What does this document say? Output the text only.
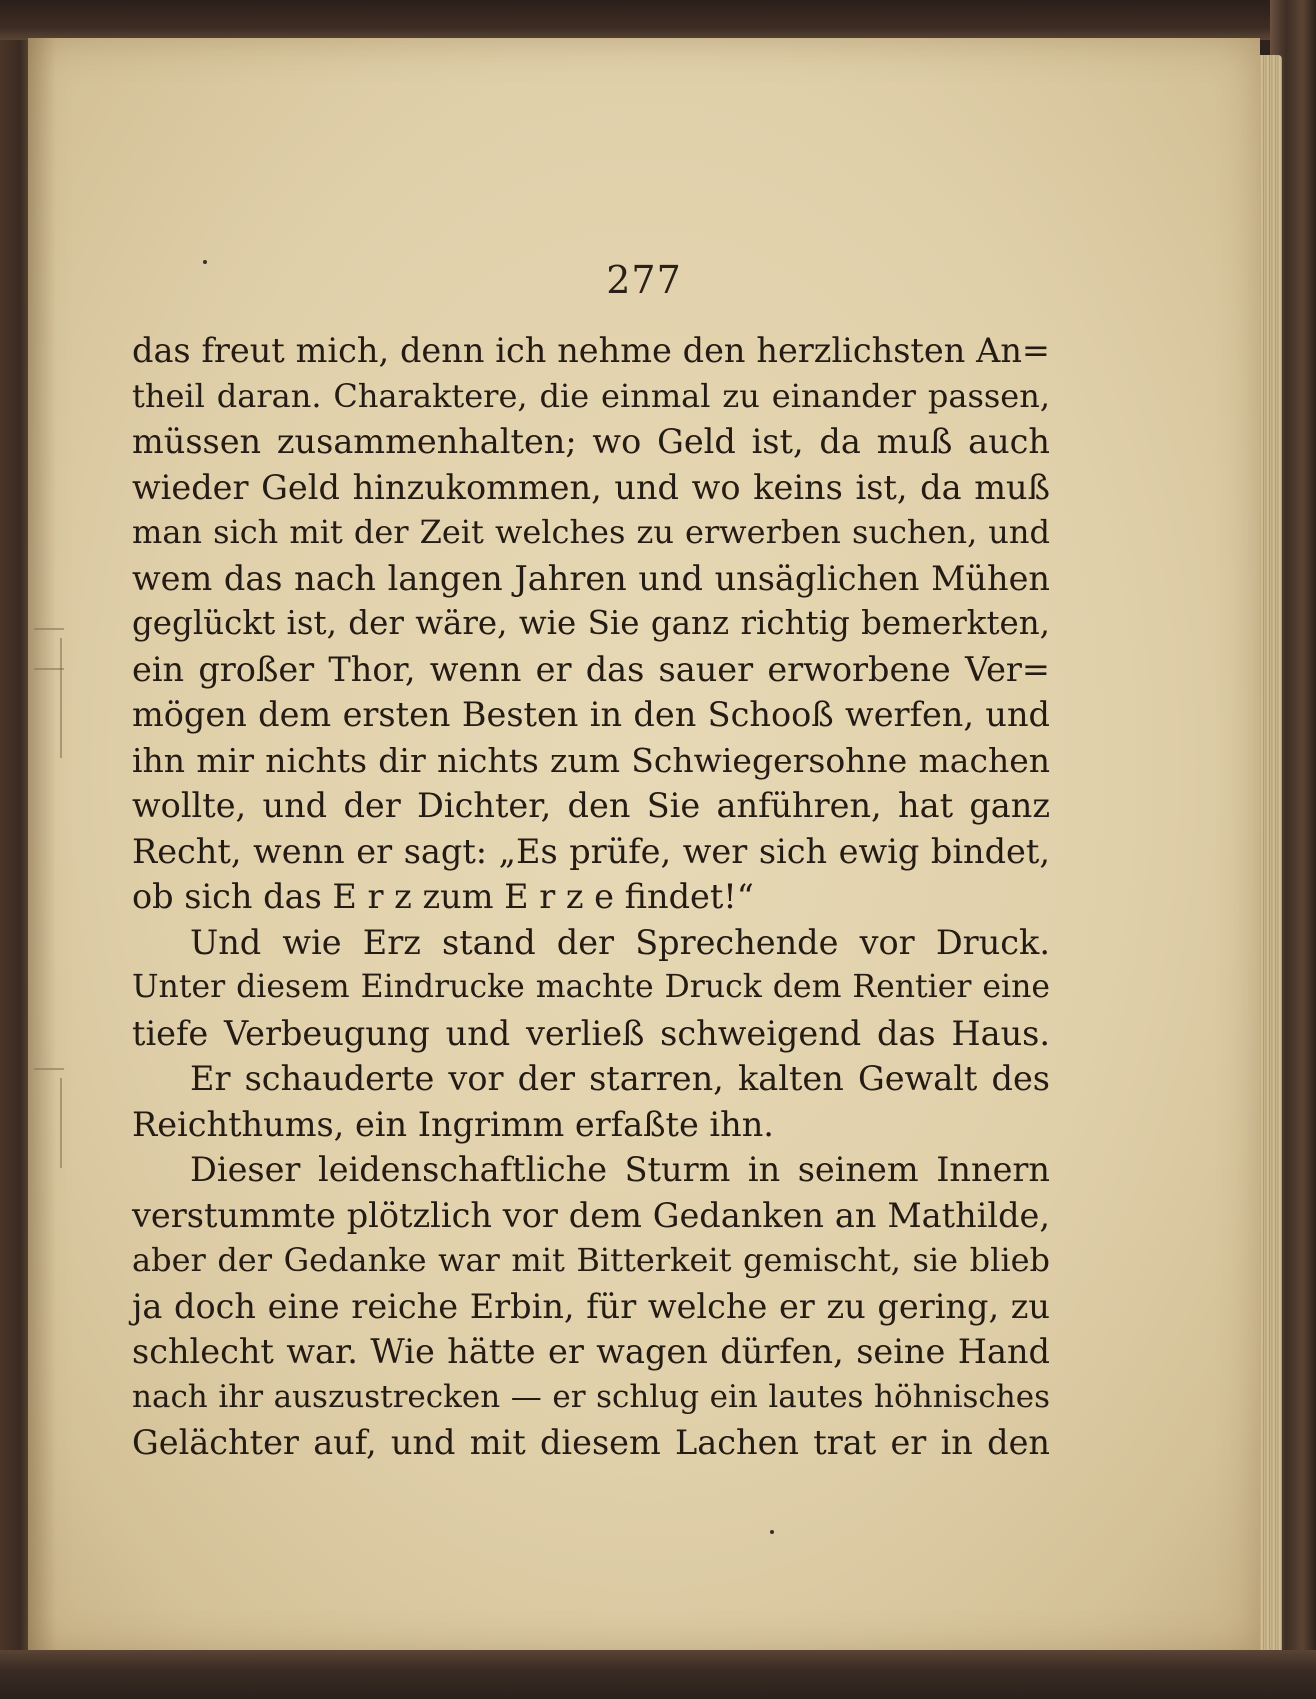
277
das freut mich, denn ich nehme den herzlichsten An=
theil daran. Charaktere, die einmal zu einander passen,
müssen zusammenhalten; wo Geld ist, da muß auch
wieder Geld hinzukommen, und wo keins ist, da muß
man sich mit der Zeit welches zu erwerben suchen, und
wem das nach langen Jahren und unsäglichen Mühen
geglückt ist, der wäre, wie Sie ganz richtig bemerkten,
ein großer Thor, wenn er das sauer erworbene Ver=
mögen dem ersten Besten in den Schooß werfen, und
ihn mir nichts dir nichts zum Schwiegersohne machen
wollte, und der Dichter, den Sie anführen, hat ganz
Recht, wenn er sagt: „Es prüfe, wer sich ewig bindet,
ob sich das E r z zum E r z e findet!“
Und wie Erz stand der Sprechende vor Druck.
Unter diesem Eindrucke machte Druck dem Rentier eine
tiefe Verbeugung und verließ schweigend das Haus.
Er schauderte vor der starren, kalten Gewalt des
Reichthums, ein Ingrimm erfaßte ihn.
Dieser leidenschaftliche Sturm in seinem Innern
verstummte plötzlich vor dem Gedanken an Mathilde,
aber der Gedanke war mit Bitterkeit gemischt, sie blieb
ja doch eine reiche Erbin, für welche er zu gering, zu
schlecht war. Wie hätte er wagen dürfen, seine Hand
nach ihr auszustrecken — er schlug ein lautes höhnisches
Gelächter auf, und mit diesem Lachen trat er in den
